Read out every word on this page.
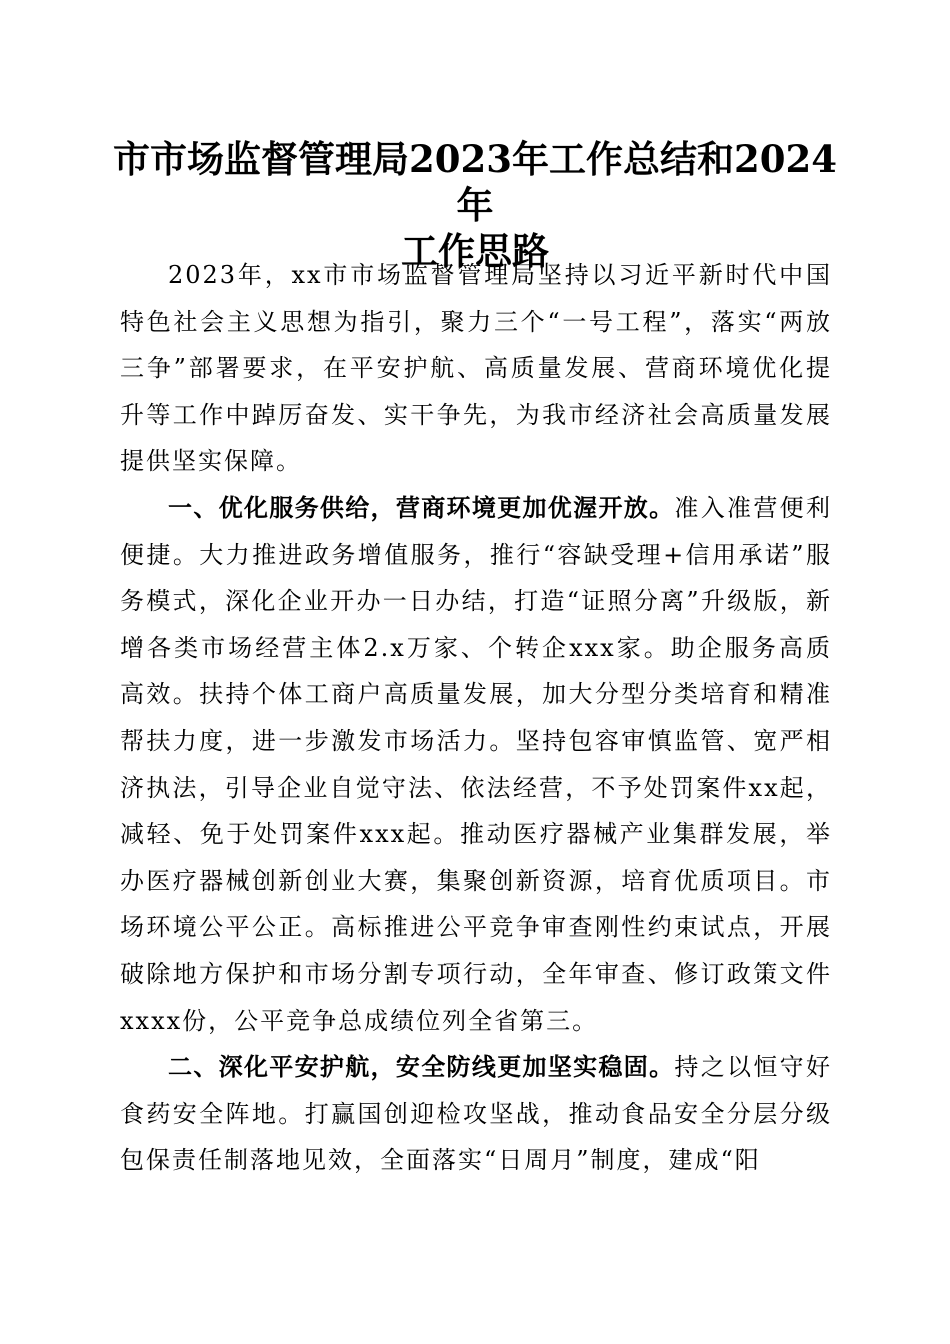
市市场监督管理局2023年工作总结和2024年
工作思路

2023年，xx市市场监督管理局坚持以习近平新时代中国特色社会主义思想为指引，聚力三个“一号工程”，落实“两放三争”部署要求，在平安护航、高质量发展、营商环境优化提升等工作中踔厉奋发、实干争先，为我市经济社会高质量发展提供坚实保障。

一、优化服务供给，营商环境更加优渥开放。准入准营便利便捷。大力推进政务增值服务，推行“容缺受理+信用承诺”服务模式，深化企业开办一日办结，打造“证照分离”升级版，新增各类市场经营主体2.x万家、个转企xxx家。助企服务高质高效。扶持个体工商户高质量发展，加大分型分类培育和精准帮扶力度，进一步激发市场活力。坚持包容审慎监管、宽严相济执法，引导企业自觉守法、依法经营，不予处罚案件xx起，减轻、免于处罚案件xxx起。推动医疗器械产业集群发展，举办医疗器械创新创业大赛，集聚创新资源，培育优质项目。市场环境公平公正。高标推进公平竞争审查刚性约束试点，开展破除地方保护和市场分割专项行动，全年审查、修订政策文件xxxx份，公平竞争总成绩位列全省第三。

二、深化平安护航，安全防线更加坚实稳固。持之以恒守好食药安全阵地。打赢国创迎检攻坚战，推动食品安全分层分级包保责任制落地见效，全面落实“日周月”制度，建成“阳
